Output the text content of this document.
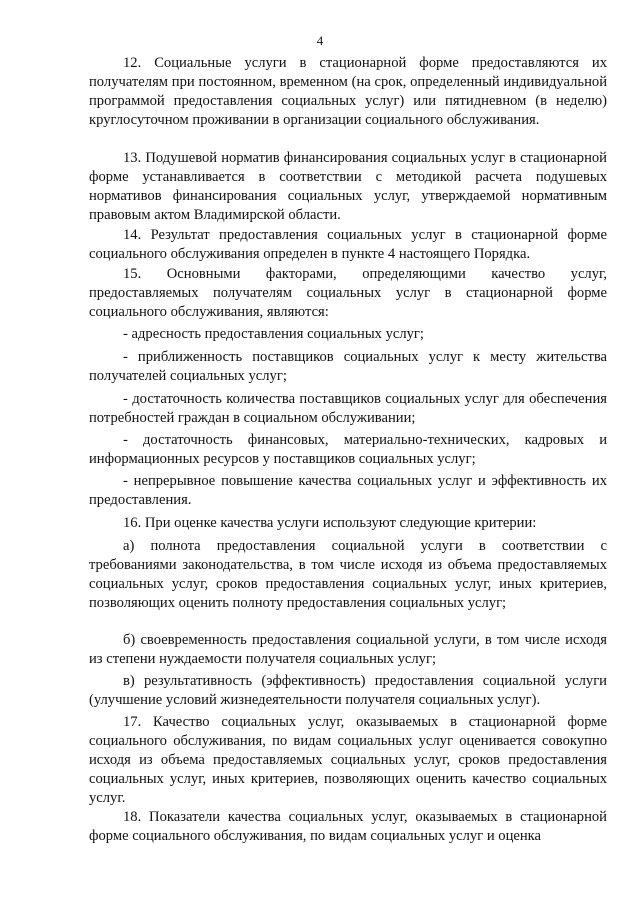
4

12. Социальные услуги в стационарной форме предоставляются их получателям при постоянном, временном (на срок, определенный индивидуальной программой предоставления социальных услуг) или пятидневном (в неделю) круглосуточном проживании в организации социального обслуживания.

13. Подушевой норматив финансирования социальных услуг в стационарной форме устанавливается в соответствии с методикой расчета подушевых нормативов финансирования социальных услуг, утверждаемой нормативным правовым актом Владимирской области.

14. Результат предоставления социальных услуг в стационарной форме социального обслуживания определен в пункте 4 настоящего Порядка.

15. Основными факторами, определяющими качество услуг, предоставляемых получателям социальных услуг в стационарной форме социального обслуживания, являются:

- адресность предоставления социальных услуг;

- приближенность поставщиков социальных услуг к месту жительства получателей социальных услуг;

- достаточность количества поставщиков социальных услуг для обеспечения потребностей граждан в социальном обслуживании;

- достаточность финансовых, материально-технических, кадровых и информационных ресурсов у поставщиков социальных услуг;

- непрерывное повышение качества социальных услуг и эффективность их предоставления.

16. При оценке качества услуги используют следующие критерии:

а) полнота предоставления социальной услуги в соответствии с требованиями законодательства, в том числе исходя из объема предоставляемых социальных услуг, сроков предоставления социальных услуг, иных критериев, позволяющих оценить полноту предоставления социальных услуг;

б) своевременность предоставления социальной услуги, в том числе исходя из степени нуждаемости получателя социальных услуг;

в) результативность (эффективность) предоставления социальной услуги (улучшение условий жизнедеятельности получателя социальных услуг).

17. Качество социальных услуг, оказываемых в стационарной форме социального обслуживания, по видам социальных услуг оценивается совокупно исходя из объема предоставляемых социальных услуг, сроков предоставления социальных услуг, иных критериев, позволяющих оценить качество социальных услуг.

18. Показатели качества социальных услуг, оказываемых в стационарной форме социального обслуживания, по видам социальных услуг и оценка
